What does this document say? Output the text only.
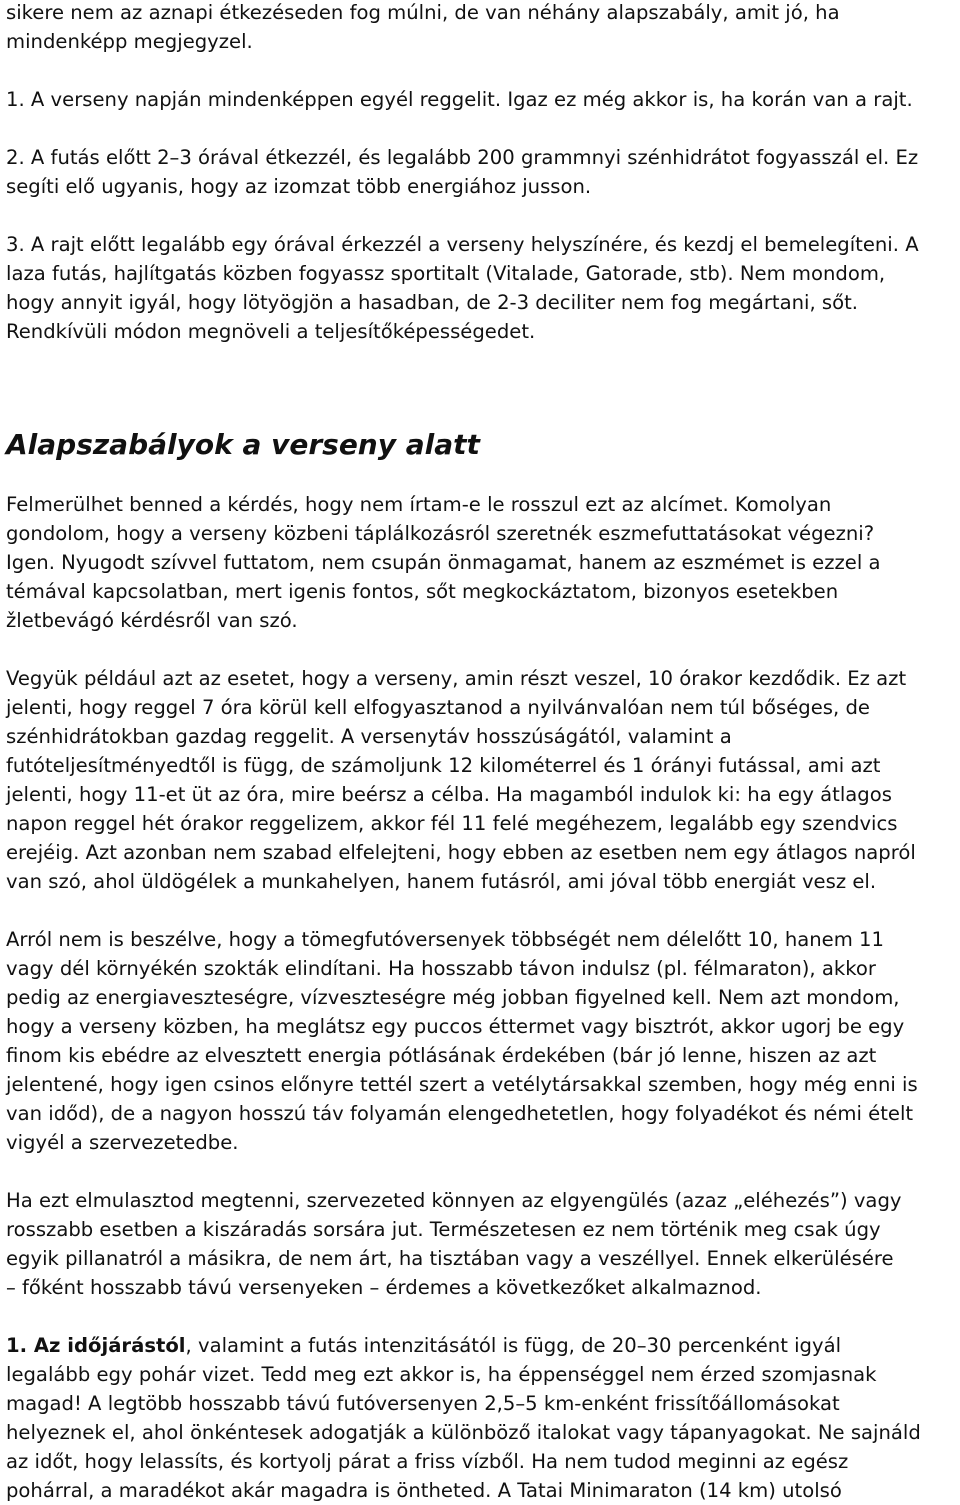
sikere nem az aznapi étkezéseden fog múlni, de van néhány alapszabály, amit jó, ha
mindenképp megjegyzel.

1. A verseny napján mindenképpen egyél reggelit. Igaz ez még akkor is, ha korán van a rajt.

2. A futás előtt 2–3 órával étkezzél, és legalább 200 grammnyi szénhidrátot fogyasszál el. Ez
segíti elő ugyanis, hogy az izomzat több energiához jusson.

3. A rajt előtt legalább egy órával érkezzél a verseny helyszínére, és kezdj el bemelegíteni. A
laza futás, hajlítgatás közben fogyassz sportitalt (Vitalade, Gatorade, stb). Nem mondom,
hogy annyit igyál, hogy lötyögjön a hasadban, de 2-3 deciliter nem fog megártani, sőt.
Rendkívüli módon megnöveli a teljesítőképességedet.

Alapszabályok a verseny alatt

Felmerülhet benned a kérdés, hogy nem írtam-e le rosszul ezt az alcímet. Komolyan
gondolom, hogy a verseny közbeni táplálkozásról szeretnék eszmefuttatásokat végezni?
Igen. Nyugodt szívvel futtatom, nem csupán önmagamat, hanem az eszmémet is ezzel a
témával kapcsolatban, mert igenis fontos, sőt megkockáztatom, bizonyos esetekben
žletbevágó kérdésről van szó.

Vegyük például azt az esetet, hogy a verseny, amin részt veszel, 10 órakor kezdődik. Ez azt
jelenti, hogy reggel 7 óra körül kell elfogyasztanod a nyilvánvalóan nem túl bőséges, de
szénhidrátokban gazdag reggelit. A versenytáv hosszúságától, valamint a
futóteljesítményedtől is függ, de számoljunk 12 kilométerrel és 1 órányi futással, ami azt
jelenti, hogy 11-et üt az óra, mire beérsz a célba. Ha magamból indulok ki: ha egy átlagos
napon reggel hét órakor reggelizem, akkor fél 11 felé megéhezem, legalább egy szendvics
erejéig. Azt azonban nem szabad elfelejteni, hogy ebben az esetben nem egy átlagos napról
van szó, ahol üldögélek a munkahelyen, hanem futásról, ami jóval több energiát vesz el.

Arról nem is beszélve, hogy a tömegfutóversenyek többségét nem délelőtt 10, hanem 11
vagy dél környékén szokták elindítani. Ha hosszabb távon indulsz (pl. félmaraton), akkor
pedig az energiaveszteségre, vízveszteségre még jobban figyelned kell. Nem azt mondom,
hogy a verseny közben, ha meglátsz egy puccos éttermet vagy bisztrót, akkor ugorj be egy
finom kis ebédre az elvesztett energia pótlásának érdekében (bár jó lenne, hiszen az azt
jelentené, hogy igen csinos előnyre tettél szert a vetélytársakkal szemben, hogy még enni is
van időd), de a nagyon hosszú táv folyamán elengedhetetlen, hogy folyadékot és némi ételt
vigyél a szervezetedbe.

Ha ezt elmulasztod megtenni, szervezeted könnyen az elgyengülés (azaz „eléhezés”) vagy
rosszabb esetben a kiszáradás sorsára jut. Természetesen ez nem történik meg csak úgy
egyik pillanatról a másikra, de nem árt, ha tisztában vagy a veszéllyel. Ennek elkerülésére
– főként hosszabb távú versenyeken – érdemes a következőket alkalmaznod.

1. Az időjárástól, valamint a futás intenzitásától is függ, de 20–30 percenként igyál
legalább egy pohár vizet. Tedd meg ezt akkor is, ha éppenséggel nem érzed szomjasnak
magad! A legtöbb hosszabb távú futóversenyen 2,5–5 km-enként frissítőállomásokat
helyeznek el, ahol önkéntesek adogatják a különböző italokat vagy tápanyagokat. Ne sajnáld
az időt, hogy lelassíts, és kortyolj párat a friss vízből. Ha nem tudod meginni az egész
pohárral, a maradékot akár magadra is öntheted. A Tatai Minimaraton (14 km) utolsó
